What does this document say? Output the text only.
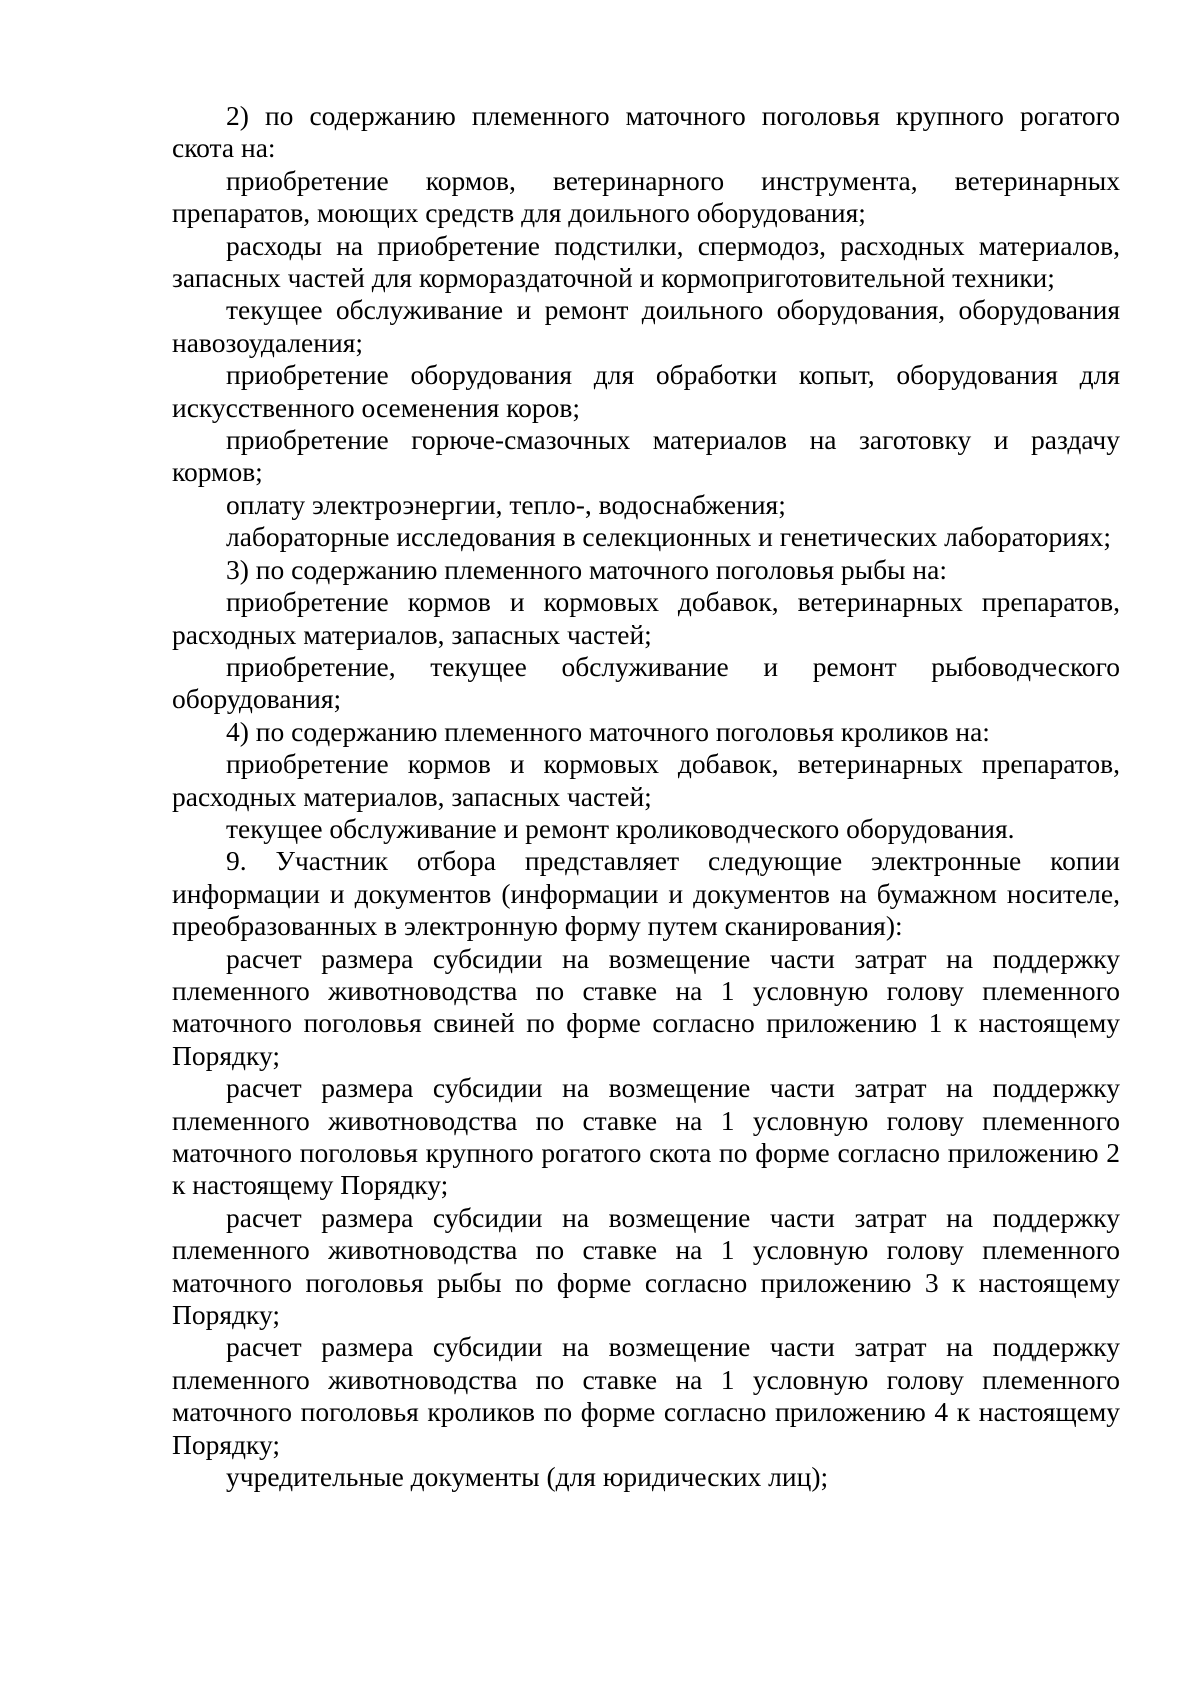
2) по содержанию племенного маточного поголовья крупного рогатого скота на:

приобретение кормов, ветеринарного инструмента, ветеринарных препаратов, моющих средств для доильного оборудования;

расходы на приобретение подстилки, спермодоз, расходных материалов, запасных частей для кормораздаточной и кормоприготовительной техники;

текущее обслуживание и ремонт доильного оборудования, оборудования навозоудаления;

приобретение оборудования для обработки копыт, оборудования для искусственного осеменения коров;

приобретение горюче-смазочных материалов на заготовку и раздачу кормов;

оплату электроэнергии, тепло-, водоснабжения;

лабораторные исследования в селекционных и генетических лабораториях;

3) по содержанию племенного маточного поголовья рыбы на:

приобретение кормов и кормовых добавок, ветеринарных препаратов, расходных материалов, запасных частей;

приобретение, текущее обслуживание и ремонт рыбоводческого оборудования;

4) по содержанию племенного маточного поголовья кроликов на:

приобретение кормов и кормовых добавок, ветеринарных препаратов, расходных материалов, запасных частей;

текущее обслуживание и ремонт кролиководческого оборудования.

9. Участник отбора представляет следующие электронные копии информации и документов (информации и документов на бумажном носителе, преобразованных в электронную форму путем сканирования):

расчет размера субсидии на возмещение части затрат на поддержку племенного животноводства по ставке на 1 условную голову племенного маточного поголовья свиней по форме согласно приложению 1 к настоящему Порядку;

расчет размера субсидии на возмещение части затрат на поддержку племенного животноводства по ставке на 1 условную голову племенного маточного поголовья крупного рогатого скота по форме согласно приложению 2 к настоящему Порядку;

расчет размера субсидии на возмещение части затрат на поддержку племенного животноводства по ставке на 1 условную голову племенного маточного поголовья рыбы по форме согласно приложению 3 к настоящему Порядку;

расчет размера субсидии на возмещение части затрат на поддержку племенного животноводства по ставке на 1 условную голову племенного маточного поголовья кроликов по форме согласно приложению 4 к настоящему Порядку;

учредительные документы (для юридических лиц);
